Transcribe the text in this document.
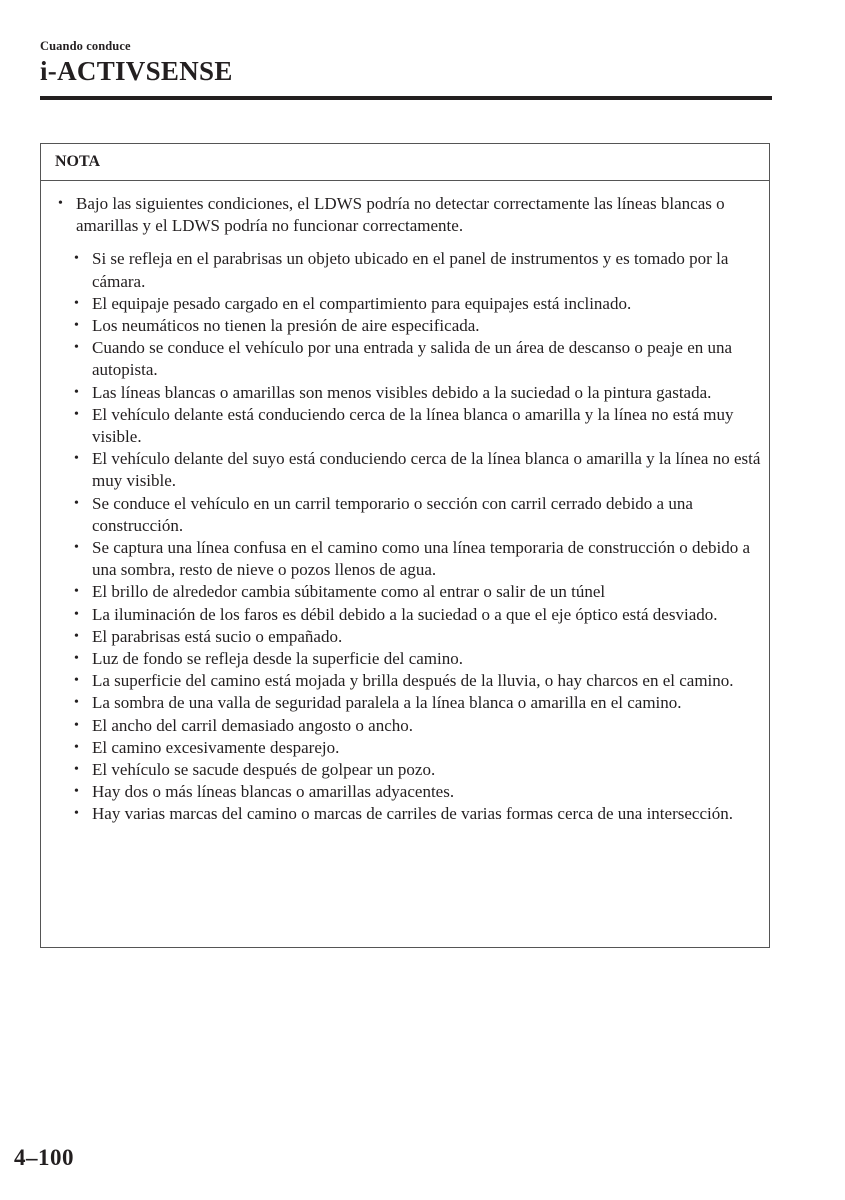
Cuando conduce
i-ACTIVSENSE
NOTA
• Bajo las siguientes condiciones, el LDWS podría no detectar correctamente las líneas blancas o amarillas y el LDWS podría no funcionar correctamente.
• Si se refleja en el parabrisas un objeto ubicado en el panel de instrumentos y es tomado por la cámara.
• El equipaje pesado cargado en el compartimiento para equipajes está inclinado.
• Los neumáticos no tienen la presión de aire especificada.
• Cuando se conduce el vehículo por una entrada y salida de un área de descanso o peaje en una autopista.
• Las líneas blancas o amarillas son menos visibles debido a la suciedad o la pintura gastada.
• El vehículo delante está conduciendo cerca de la línea blanca o amarilla y la línea no está muy visible.
• El vehículo delante del suyo está conduciendo cerca de la línea blanca o amarilla y la línea no está muy visible.
• Se conduce el vehículo en un carril temporario o sección con carril cerrado debido a una construcción.
• Se captura una línea confusa en el camino como una línea temporaria de construcción o debido a una sombra, resto de nieve o pozos llenos de agua.
• El brillo de alrededor cambia súbitamente como al entrar o salir de un túnel
• La iluminación de los faros es débil debido a la suciedad o a que el eje óptico está desviado.
• El parabrisas está sucio o empañado.
• Luz de fondo se refleja desde la superficie del camino.
• La superficie del camino está mojada y brilla después de la lluvia, o hay charcos en el camino.
• La sombra de una valla de seguridad paralela a la línea blanca o amarilla en el camino.
• El ancho del carril demasiado angosto o ancho.
• El camino excesivamente desparejo.
• El vehículo se sacude después de golpear un pozo.
• Hay dos o más líneas blancas o amarillas adyacentes.
• Hay varias marcas del camino o marcas de carriles de varias formas cerca de una intersección.
4–100
